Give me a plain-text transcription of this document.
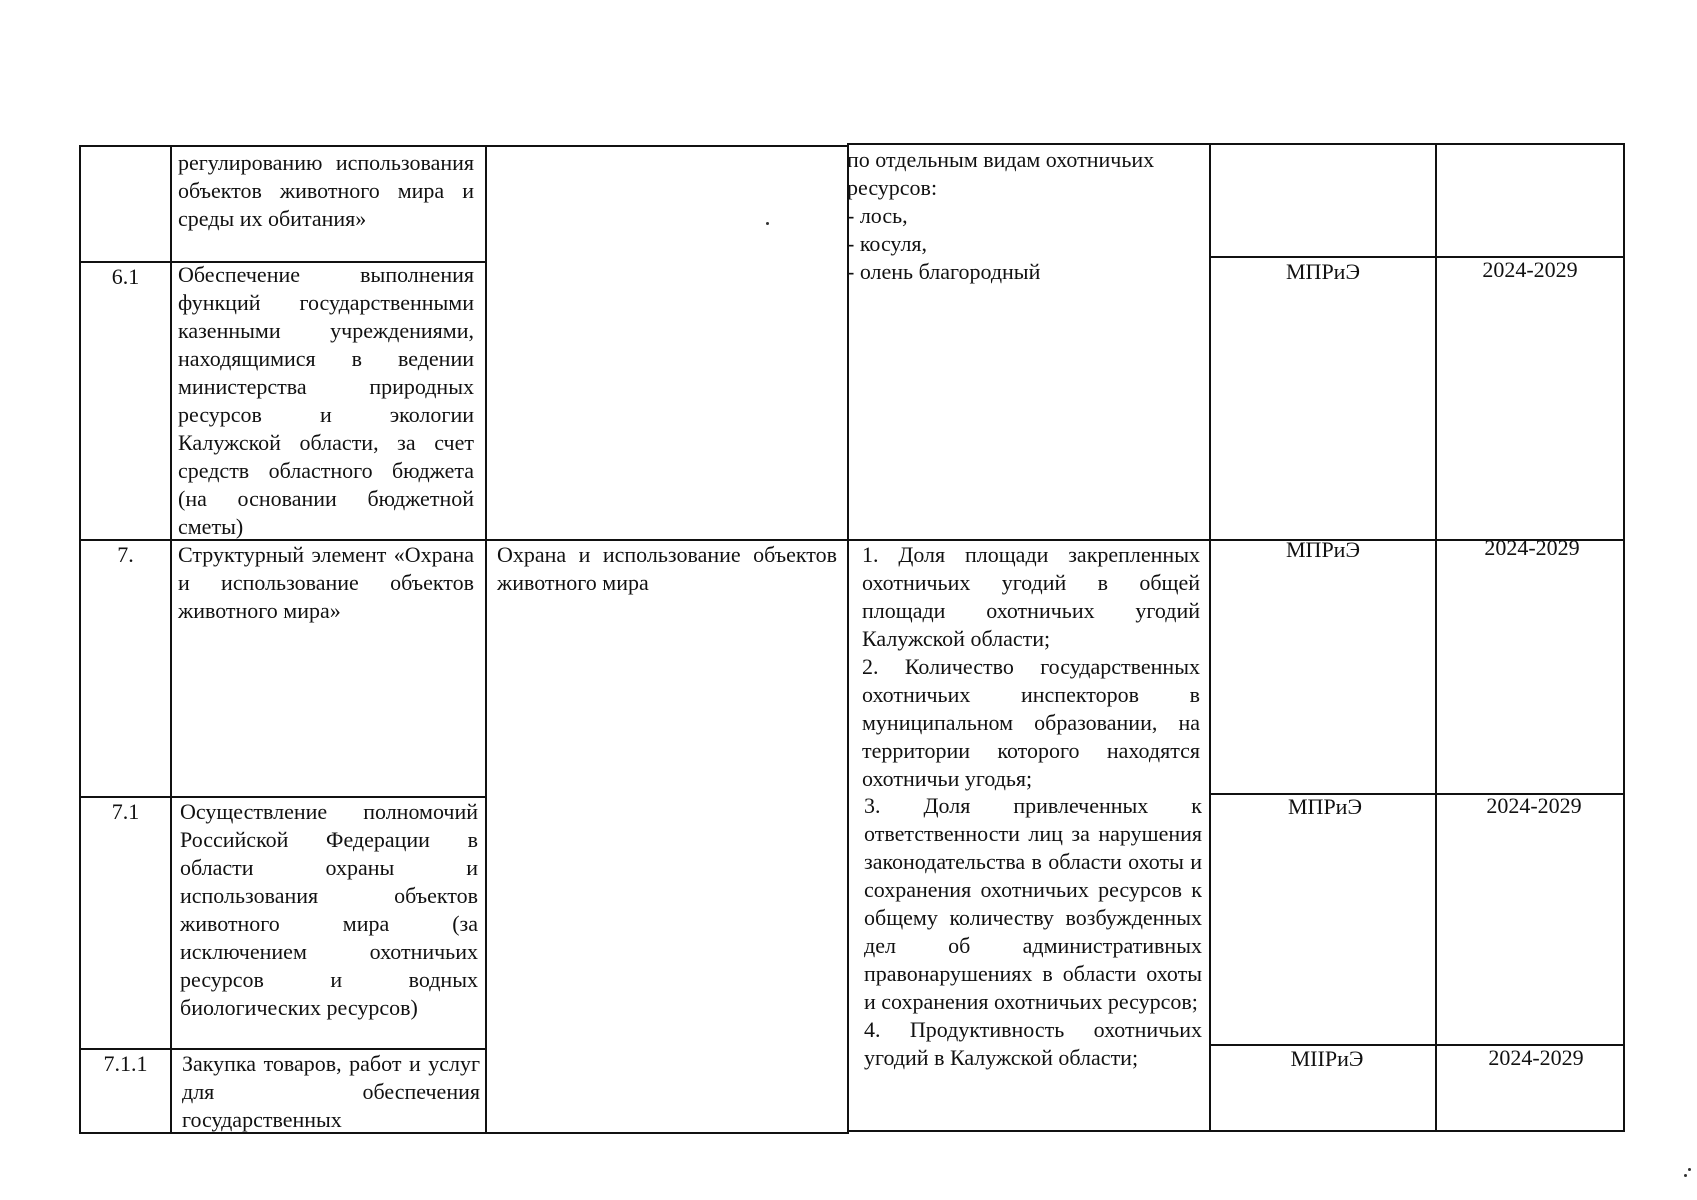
6.1
7.
7.1
7.1.1
регулированию использования объектов животного мира и среды их обитания»
Обеспечение выполнения функций государственными казенными учреждениями, находящимися в ведении министерства природных ресурсов и экологии Калужской области, за счет средств областного бюджета (на основании бюджетной сметы)
Структурный элемент «Охрана и использование объектов животного мира»
Осуществление полномочий Российской Федерации в области охраны и использования объектов животного мира (за исключением охотничьих ресурсов и водных биологических ресурсов)
Закупка товаров, работ и услуг для обеспечения государственных
Охрана и использование объектов животного мира
по отдельным видам охотничьих ресурсов:
- лось,
- косуля,
- олень благородный
1. Доля площади закрепленных охотничьих угодий в общей площади охотничьих угодий Калужской области;
2. Количество государственных охотничьих инспекторов в муниципальном образовании, на территории которого находятся охотничьи угодья;
3. Доля привлеченных к ответственности лиц за нарушения законодательства в области охоты и сохранения охотничьих ресурсов к общему количеству возбужденных дел об административных правонарушениях в области охоты и сохранения охотничьих ресурсов;
4. Продуктивность охотничьих угодий в Калужской области;
МПРиЭ
МПРиЭ
МПРиЭ
МIIРиЭ
2024-2029
2024-2029
2024-2029
2024-2029
